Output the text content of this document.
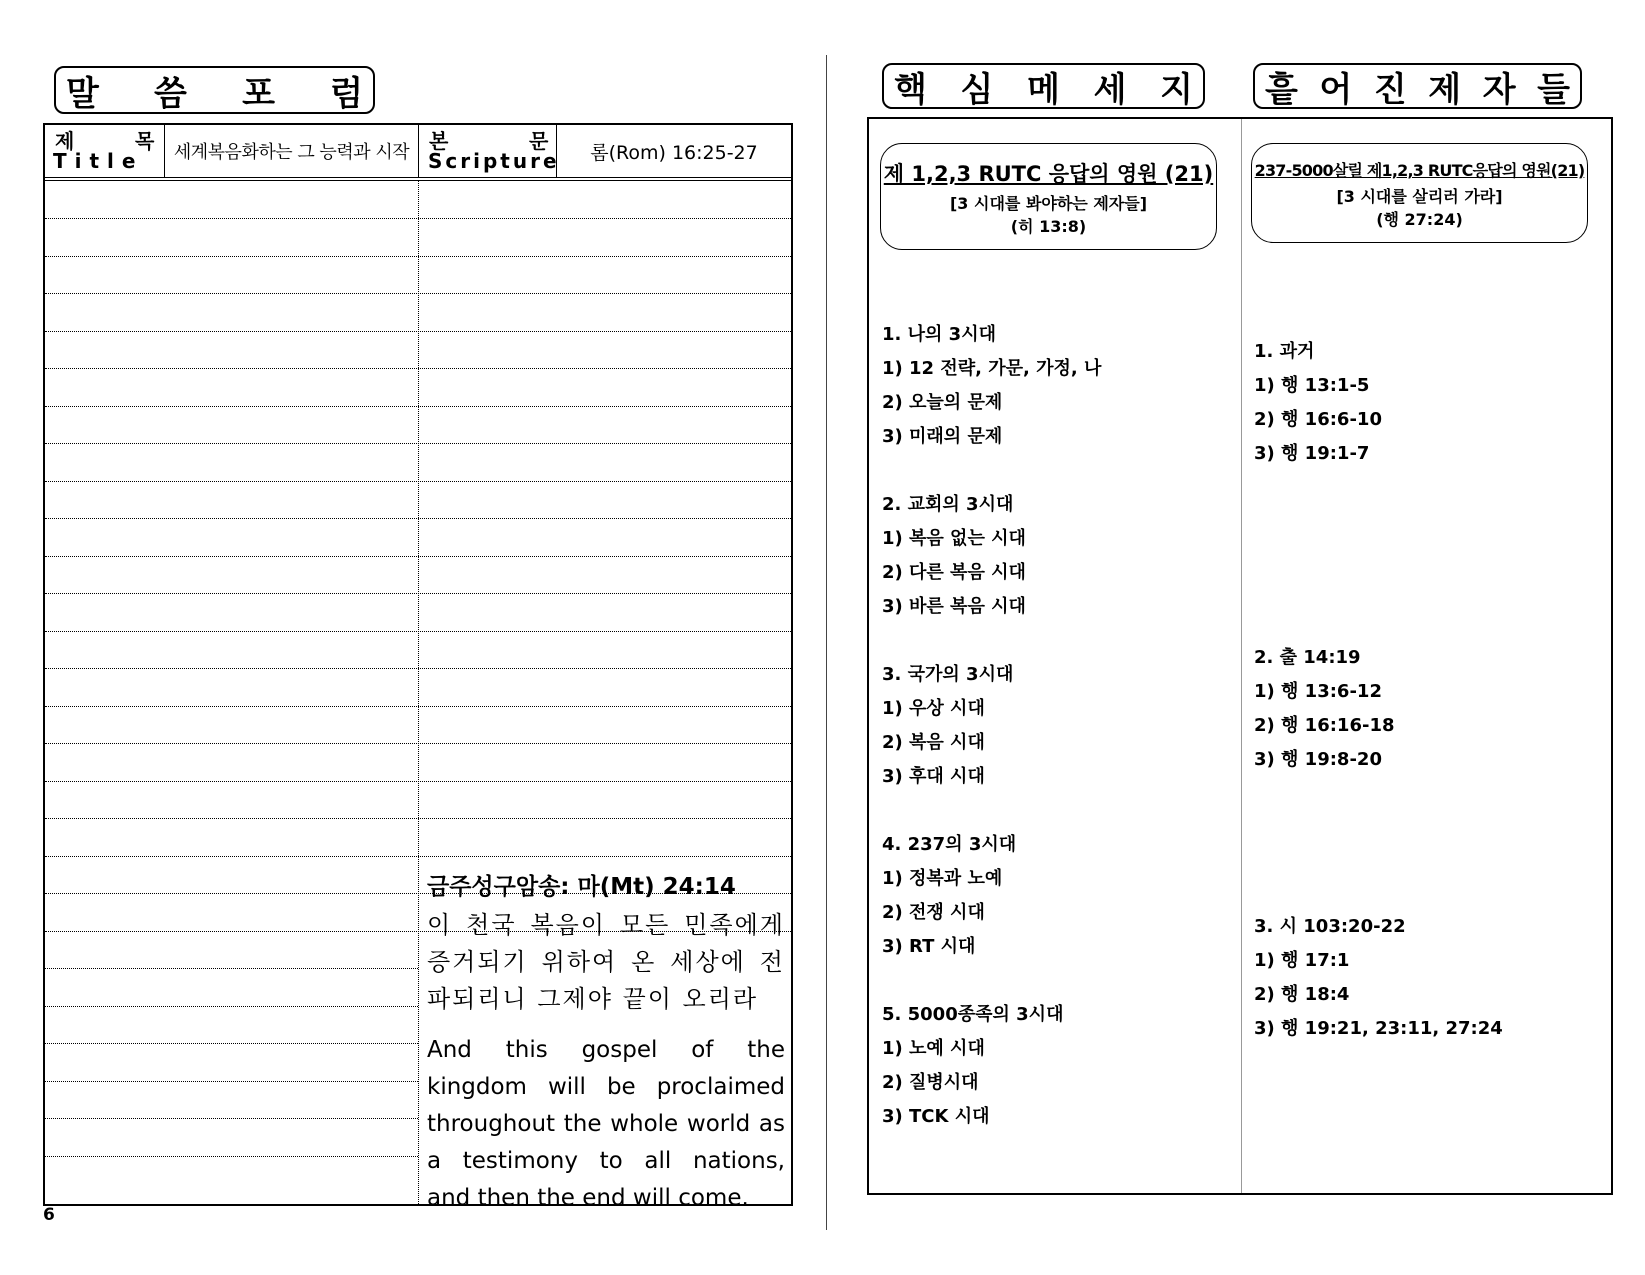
말 씀 포 럼
제	목
Title 세계복음화하는 그 능력과 시작 본	문
Scripture 롬(Rom) 16:25-27
금주성구암송: 마(Mt) 24:14
이 천국 복음이 모든 민족에게
증거되기 위하여 온 세상에 전
파되리니 그제야 끝이 오리라
And this gospel of the
kingdom will be proclaimed
throughout the whole world as
a testimony to all nations,
and then the end will come.
6
핵 심 메 세 지 흩 어 진 제 자 들
제 1,2,3 RUTC 응답의 영원 (21)
[3 시대를 봐야하는 제자들]
(히 13:8)
237-5000살릴 제1,2,3 RUTC응답의 영원(21)
[3 시대를 살리러 가라]
(행 27:24)
1. 나의 3시대
1) 12 전략, 가문, 가정, 나
2) 오늘의 문제
3) 미래의 문제
2. 교회의 3시대
1) 복음 없는 시대
2) 다른 복음 시대
3) 바른 복음 시대
3. 국가의 3시대
1) 우상 시대
2) 복음 시대
3) 후대 시대
4. 237의 3시대
1) 정복과 노예
2) 전쟁 시대
3) RT 시대
5. 5000종족의 3시대
1) 노예 시대
2) 질병시대
3) TCK 시대
1. 과거
1) 행 13:1-5
2) 행 16:6-10
3) 행 19:1-7
2. 출 14:19
1) 행 13:6-12
2) 행 16:16-18
3) 행 19:8-20
3. 시 103:20-22
1) 행 17:1
2) 행 18:4
3) 행 19:21, 23:11, 27:24
